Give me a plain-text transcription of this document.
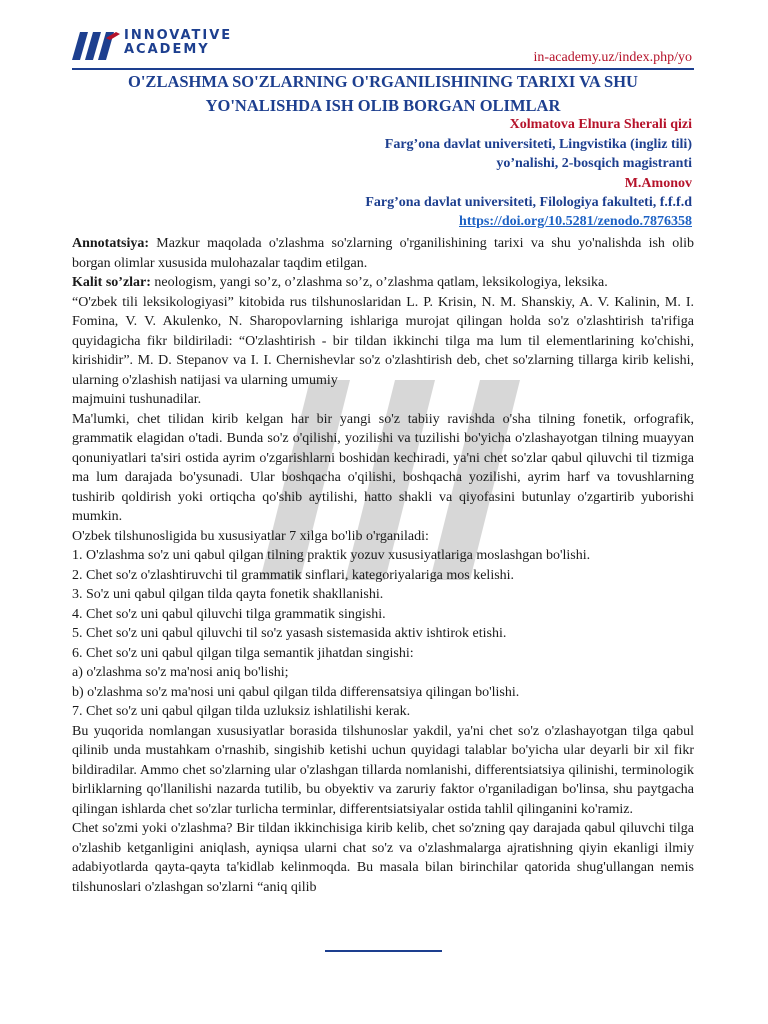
INNOVATIVE
ACADEMY
in-academy.uz/index.php/yo
O'ZLASHMA SO'ZLARNING O'RGANILISHINING TARIXI VA SHU
YO'NALISHDA ISH OLIB BORGAN OLIMLAR
Xolmatova Elnura Sherali qizi
Farg’ona davlat universiteti, Lingvistika (ingliz tili)
yo’nalishi, 2-bosqich magistranti
M.Amonov
Farg’ona davlat universiteti, Filologiya fakulteti, f.f.f.d
https://doi.org/10.5281/zenodo.7876358

Annotatsiya: Mazkur maqolada o'zlashma so'zlarning o'rganilishining tarixi va shu yo'nalishda ish olib borgan olimlar xususida mulohazalar taqdim etilgan.

Kalit so’zlar: neologism, yangi so’z, o’zlashma so’z, o’zlashma qatlam, leksikologiya, leksika.

“O'zbek tili leksikologiyasi” kitobida rus tilshunoslaridan L. P. Krisin, N. M. Shanskiy, A. V. Kalinin, M. I. Fomina, V. V. Akulenko, N. Sharopovlarning ishlariga murojat qilingan holda so'z o'zlashtirish ta'rifiga quyidagicha fikr bildiriladi: “O'zlashtirish - bir tildan ikkinchi tilga ma lum til elementlarining ko'chishi, kirishidir”. M. D. Stepanov va I. I. Chernishevlar so'z o'zlashtirish deb, chet so'zlarning tillarga kirib kelishi, ularning o'zlashish natijasi va ularning umumiy

majmuini tushunadilar.

Ma'lumki, chet tilidan kirib kelgan har bir yangi so'z tabiiy ravishda o'sha tilning fonetik, orfografik, grammatik elagidan o'tadi. Bunda so'z o'qilishi, yozilishi va tuzilishi bo'yicha o'zlashayotgan tilning muayyan qonuniyatlari ta'siri ostida ayrim o'zgarishlarni boshidan kechiradi, ya'ni chet so'zlar qabul qiluvchi til tizmiga ma lum darajada bo'ysunadi. Ular boshqacha o'qilishi, boshqacha yozilishi, ayrim harf va tovushlarning tushirib qoldirish yoki ortiqcha qo'shib aytilishi, hatto shakli va qiyofasini butunlay o'zgartirib yuborishi mumkin.

O'zbek tilshunosligida bu xususiyatlar 7 xilga bo'lib o'rganiladi:

1. O'zlashma so'z uni qabul qilgan tilning praktik yozuv xususiyatlariga moslashgan bo'lishi.

2. Chet so'z o'zlashtiruvchi til grammatik sinflari, kategoriyalariga mos kelishi.

3. So'z uni qabul qilgan tilda qayta fonetik shakllanishi.

4. Chet so'z uni qabul qiluvchi tilga grammatik singishi.

5. Chet so'z uni qabul qiluvchi til so'z yasash sistemasida aktiv ishtirok etishi.

6. Chet so'z uni qabul qilgan tilga semantik jihatdan singishi:

a) o'zlashma so'z ma'nosi aniq bo'lishi;

b) o'zlashma so'z ma'nosi uni qabul qilgan tilda differensatsiya qilingan bo'lishi.

7. Chet so'z uni qabul qilgan tilda uzluksiz ishlatilishi kerak.

Bu yuqorida nomlangan xususiyatlar borasida tilshunoslar yakdil, ya'ni chet so'z o'zlashayotgan tilga qabul qilinib unda mustahkam o'rnashib, singishib ketishi uchun quyidagi talablar bo'yicha ular deyarli bir xil fikr bildiradilar. Ammo chet so'zlarning ular o'zlashgan tillarda nomlanishi, differentsiatsiya qilinishi, terminologik birliklarning qo'llanilishi nazarda tutilib, bu obyektiv va zaruriy faktor o'rganiladigan bo'linsa, shu paytgacha qilingan ishlarda chet so'zlar turlicha terminlar, differentsiatsiyalar ostida tahlil qilinganini ko'ramiz.

Chet so'zmi yoki o'zlashma? Bir tildan ikkinchisiga kirib kelib, chet so'zning qay darajada qabul qiluvchi tilga o'zlashib ketganligini aniqlash, ayniqsa ularni chat so'z va o'zlashmalarga ajratishning qiyin ekanligi ilmiy adabiyotlarda qayta-qayta ta'kidlab kelinmoqda. Bu masala bilan birinchilar qatorida shug'ullangan nemis tilshunoslari o'zlashgan so'zlarni “aniq qilib
